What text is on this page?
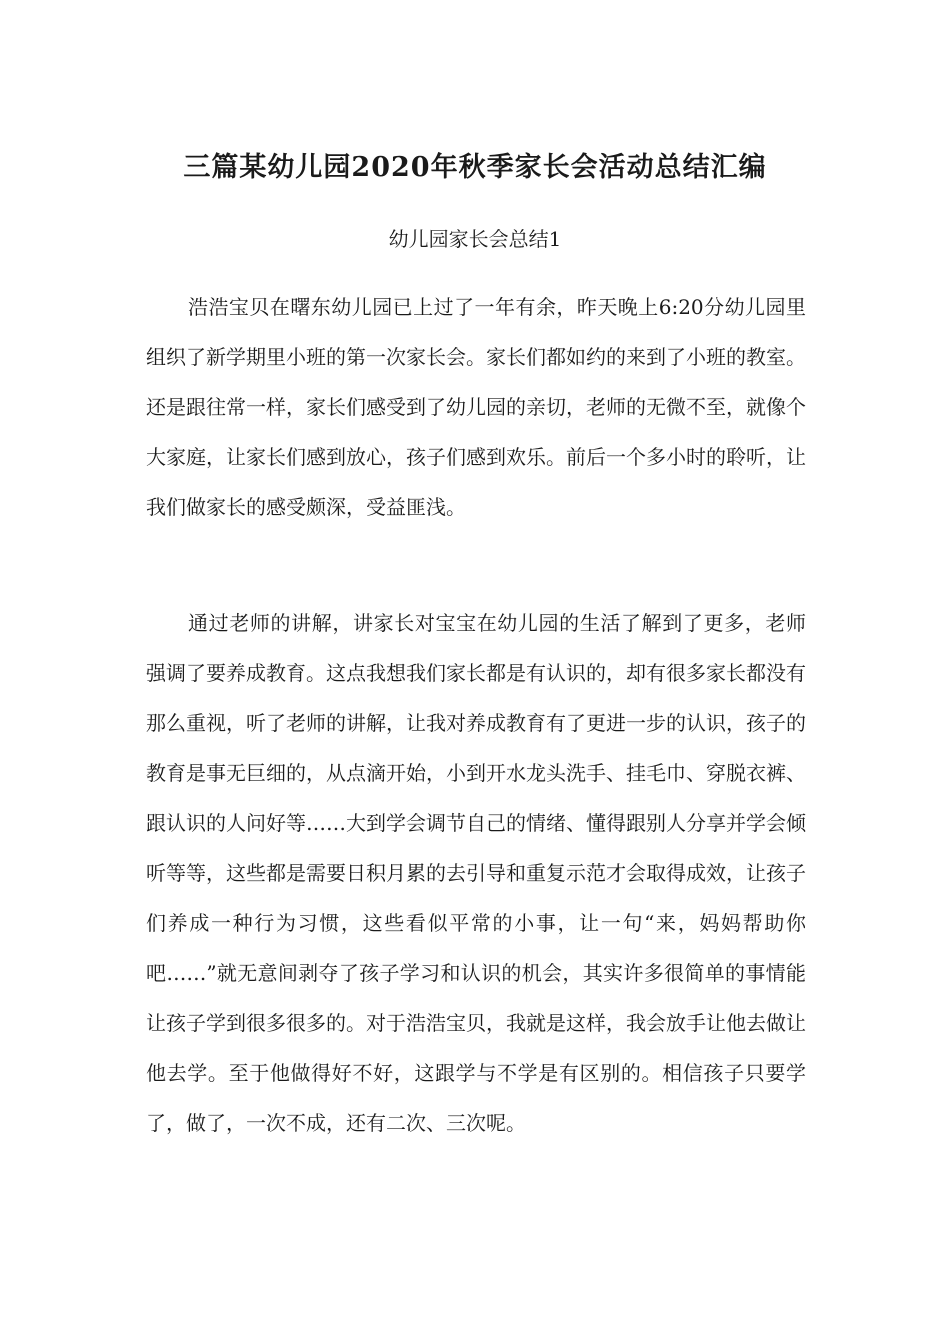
三篇某幼儿园2020年秋季家长会活动总结汇编
幼儿园家长会总结1

浩浩宝贝在曙东幼儿园已上过了一年有余，昨天晚上6:20分幼儿园里组织了新学期里小班的第一次家长会。家长们都如约的来到了小班的教室。还是跟往常一样，家长们感受到了幼儿园的亲切，老师的无微不至，就像个大家庭，让家长们感到放心，孩子们感到欢乐。前后一个多小时的聆听，让我们做家长的感受颇深，受益匪浅。

通过老师的讲解，讲家长对宝宝在幼儿园的生活了解到了更多，老师强调了要养成教育。这点我想我们家长都是有认识的，却有很多家长都没有那么重视，听了老师的讲解，让我对养成教育有了更进一步的认识，孩子的教育是事无巨细的，从点滴开始，小到开水龙头洗手、挂毛巾、穿脱衣裤、跟认识的人问好等……大到学会调节自己的情绪、懂得跟别人分享并学会倾听等等，这些都是需要日积月累的去引导和重复示范才会取得成效，让孩子们养成一种行为习惯，这些看似平常的小事，让一句“来，妈妈帮助你吧……”就无意间剥夺了孩子学习和认识的机会，其实许多很简单的事情能让孩子学到很多很多的。对于浩浩宝贝，我就是这样，我会放手让他去做让他去学。至于他做得好不好，这跟学与不学是有区别的。相信孩子只要学了，做了，一次不成，还有二次、三次呢。
